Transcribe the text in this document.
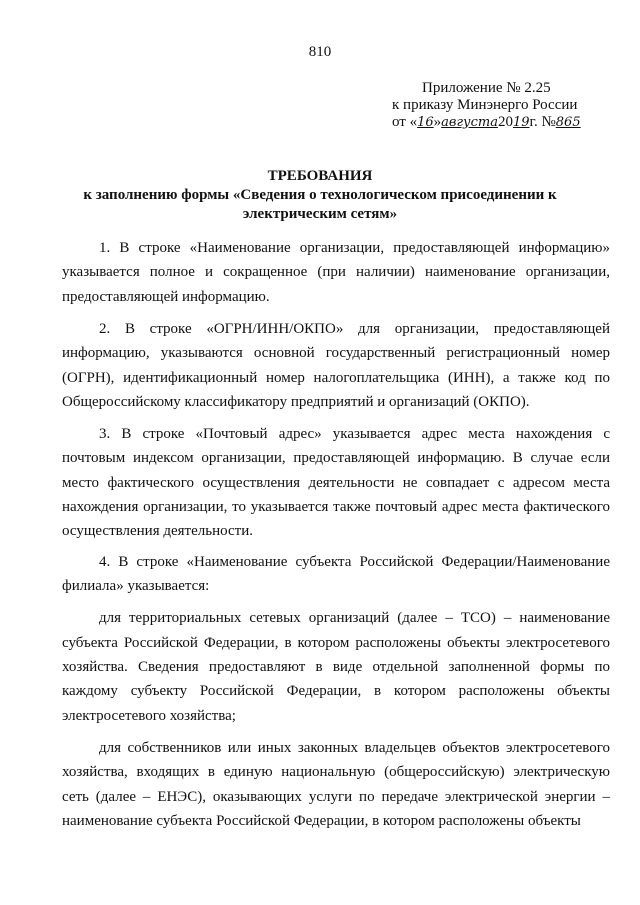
810
Приложение № 2.25
к приказу Минэнерго России
от «16»августа2019г. №865
ТРЕБОВАНИЯ
к заполнению формы «Сведения о технологическом присоединении к электрическим сетям»

1. В строке «Наименование организации, предоставляющей информацию» указывается полное и сокращенное (при наличии) наименование организации, предоставляющей информацию.

2. В строке «ОГРН/ИНН/ОКПО» для организации, предоставляющей информацию, указываются основной государственный регистрационный номер (ОГРН), идентификационный номер налогоплательщика (ИНН), а также код по Общероссийскому классификатору предприятий и организаций (ОКПО).

3. В строке «Почтовый адрес» указывается адрес места нахождения с почтовым индексом организации, предоставляющей информацию. В случае если место фактического осуществления деятельности не совпадает с адресом места нахождения организации, то указывается также почтовый адрес места фактического осуществления деятельности.

4. В строке «Наименование субъекта Российской Федерации/Наименование филиала» указывается:

для территориальных сетевых организаций (далее – ТСО) – наименование субъекта Российской Федерации, в котором расположены объекты электросетевого хозяйства. Сведения предоставляют в виде отдельной заполненной формы по каждому субъекту Российской Федерации, в котором расположены объекты электросетевого хозяйства;

для собственников или иных законных владельцев объектов электросетевого хозяйства, входящих в единую национальную (общероссийскую) электрическую сеть (далее – ЕНЭС), оказывающих услуги по передаче электрической энергии – наименование субъекта Российской Федерации, в котором расположены объекты
